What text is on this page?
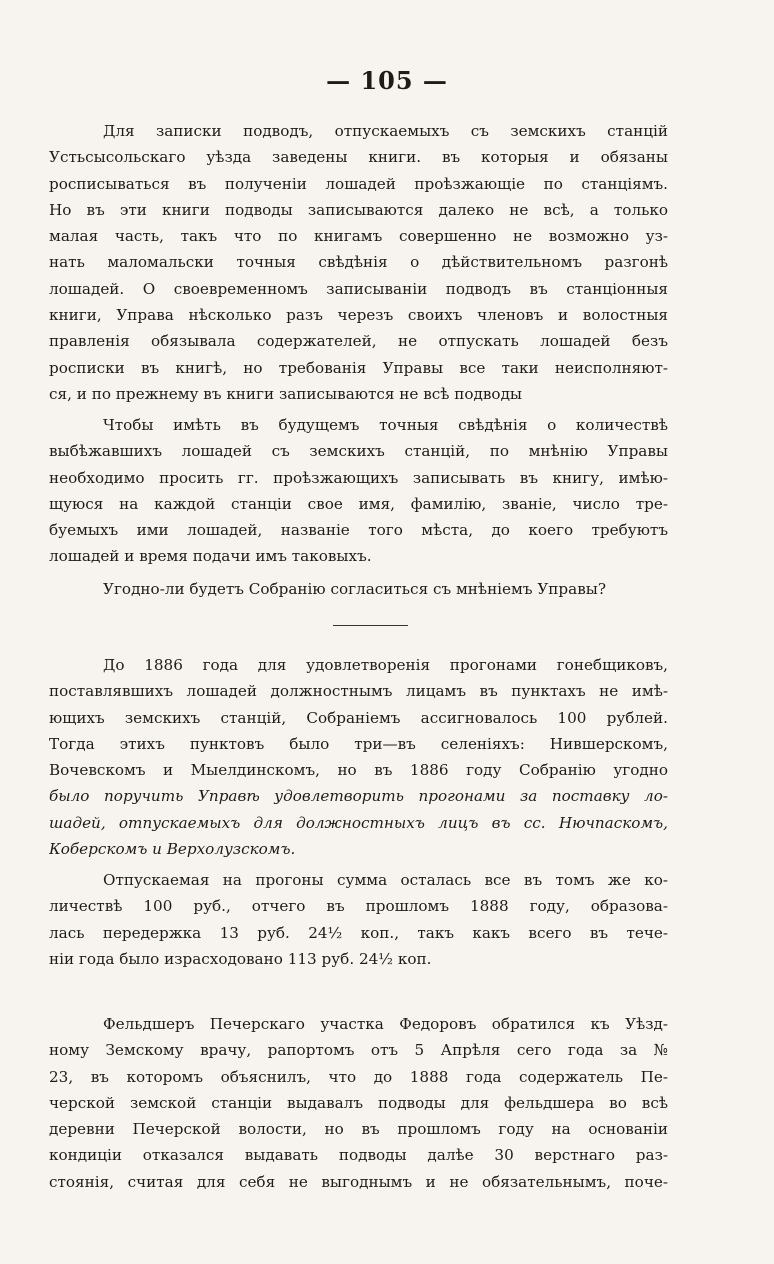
— 105 —
Для записки подводъ, отпускаемыхъ съ земскихъ станцій
Устьсысольскаго уѣзда заведены книги. въ которыя и обязаны
росписываться въ полученіи лошадей проѣзжающіе по станціямъ.
Но въ эти книги подводы записываются далеко не всѣ, а только
малая часть, такъ что по книгамъ совершенно не возможно уз-
нать маломальски точныя свѣдѣнія о дѣйствительномъ разгонѣ
лошадей. О своевременномъ записываніи подводъ въ станціонныя
книги, Управа нѣсколько разъ черезъ своихъ членовъ и волостныя
правленія обязывала содержателей, не отпускать лошадей безъ
росписки въ книгѣ, но требованія Управы все таки неисполняют-
ся, и по прежнему въ книги записываются не всѣ подводы
Чтобы имѣть въ будущемъ точныя свѣдѣнія о количествѣ
выбѣжавшихъ лошадей съ земскихъ станцій, по мнѣнію Управы
необходимо просить гг. проѣзжающихъ записывать въ книгу, имѣю-
щуюся на каждой станціи свое имя, фамилію, званіе, число тре-
буемыхъ ими лошадей, названіе того мѣста, до коего требуютъ
лошадей и время подачи имъ таковыхъ.
Угодно-ли будетъ Собранію согласиться съ мнѣніемъ Управы?
До 1886 года для удовлетворенія прогонами гонебщиковъ,
поставлявшихъ лошадей должностнымъ лицамъ въ пунктахъ не имѣ-
ющихъ земскихъ станцій, Собраніемъ ассигновалось 100 рублей.
Тогда этихъ пунктовъ было три—въ селеніяхъ: Нившерскомъ,
Вочевскомъ и Мыелдинскомъ, но въ 1886 году Собранію угодно
было поручить Управѣ удовлетворить прогонами за поставку ло-
шадей, отпускаемыхъ для должностныхъ лицъ въ сс. Нючпаскомъ,
Коберскомъ и Верхолузскомъ.
Отпускаемая на прогоны сумма осталась все въ томъ же ко-
личествѣ 100 руб., отчего въ прошломъ 1888 году, образова-
лась передержка 13 руб. 24½ коп., такъ какъ всего въ тече-
ніи года было израсходовано 113 руб. 24½ коп.
Фельдшеръ Печерскаго участка Федоровъ обратился къ Уѣзд-
ному Земскому врачу, рапортомъ отъ 5 Апрѣля сего года за №
23, въ которомъ объяснилъ, что до 1888 года содержатель Пе-
черской земской станціи выдавалъ подводы для фельдшера во всѣ
деревни Печерской волости, но въ прошломъ году на основаніи
кондиціи отказался выдавать подводы далѣе 30 верстнаго раз-
стоянія, считая для себя не выгоднымъ и не обязательнымъ, поче-
